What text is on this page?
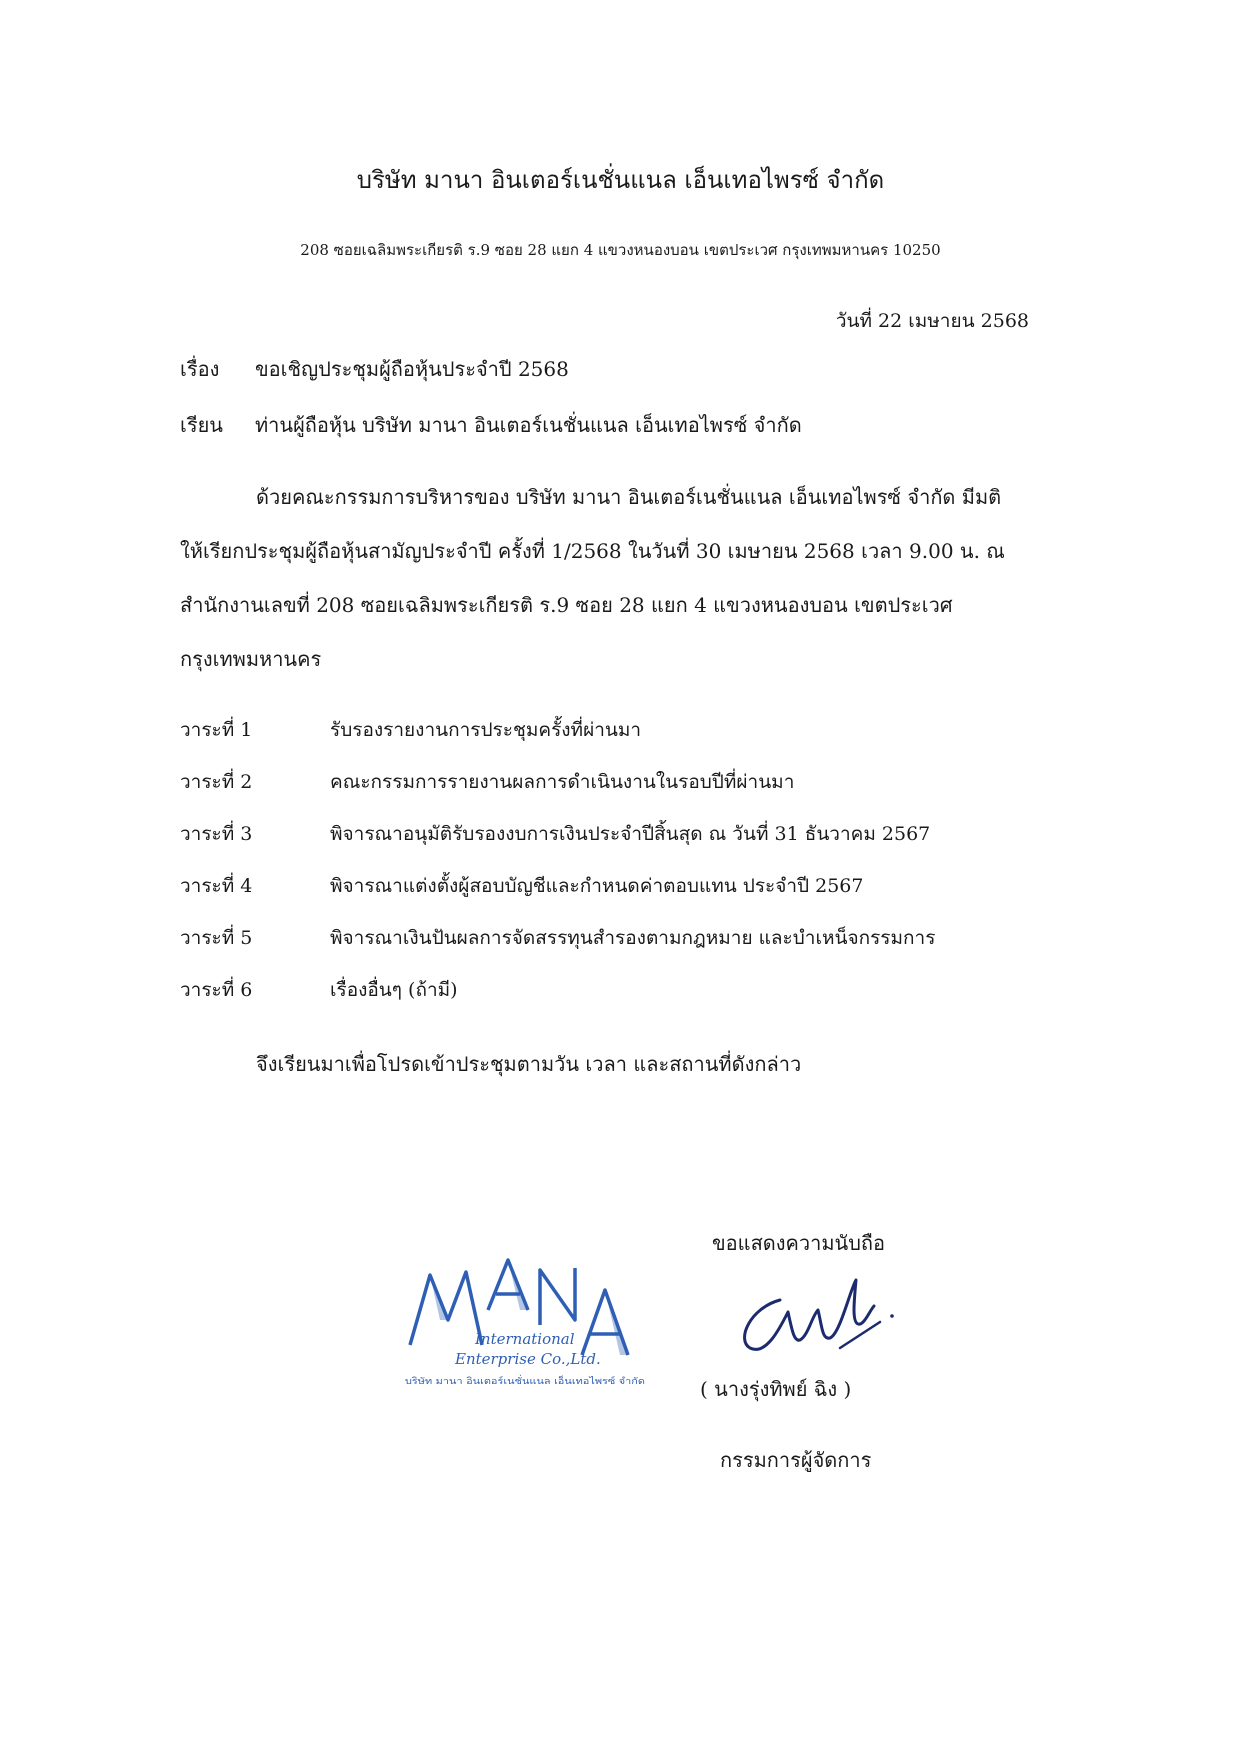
บริษัท มานา อินเตอร์เนชั่นแนล เอ็นเทอไพรซ์ จำกัด
208 ซอยเฉลิมพระเกียรติ ร.9 ซอย 28 แยก 4 แขวงหนองบอน เขตประเวศ กรุงเทพมหานคร 10250
วันที่ 22 เมษายน 2568
เรื่อง ขอเชิญประชุมผู้ถือหุ้นประจำปี 2568
เรียน ท่านผู้ถือหุ้น บริษัท มานา อินเตอร์เนชั่นแนล เอ็นเทอไพรซ์ จำกัด
ด้วยคณะกรรมการบริหารของ บริษัท มานา อินเตอร์เนชั่นแนล เอ็นเทอไพรซ์ จำกัด มีมติ
ให้เรียกประชุมผู้ถือหุ้นสามัญประจำปี ครั้งที่ 1/2568 ในวันที่ 30 เมษายน 2568 เวลา 9.00 น. ณ
สำนักงานเลขที่ 208 ซอยเฉลิมพระเกียรติ ร.9 ซอย 28 แยก 4 แขวงหนองบอน เขตประเวศ
กรุงเทพมหานคร
วาระที่ 1	รับรองรายงานการประชุมครั้งที่ผ่านมา
วาระที่ 2	คณะกรรมการรายงานผลการดำเนินงานในรอบปีที่ผ่านมา
วาระที่ 3	พิจารณาอนุมัติรับรองงบการเงินประจำปีสิ้นสุด ณ วันที่ 31 ธันวาคม 2567
วาระที่ 4	พิจารณาแต่งตั้งผู้สอบบัญชีและกำหนดค่าตอบแทน ประจำปี 2567
วาระที่ 5	พิจารณาเงินปันผลการจัดสรรทุนสำรองตามกฎหมาย และบำเหน็จกรรมการ
วาระที่ 6	เรื่องอื่นๆ (ถ้ามี)
จึงเรียนมาเพื่อโปรดเข้าประชุมตามวัน เวลา และสถานที่ดังกล่าว
ขอแสดงความนับถือ
International
Enterprise Co.,Ltd.
บริษัท มานา อินเตอร์เนชั่นแนล เอ็นเทอไพรซ์ จำกัด	( นางรุ่งทิพย์ ฉิง )
กรรมการผู้จัดการ
